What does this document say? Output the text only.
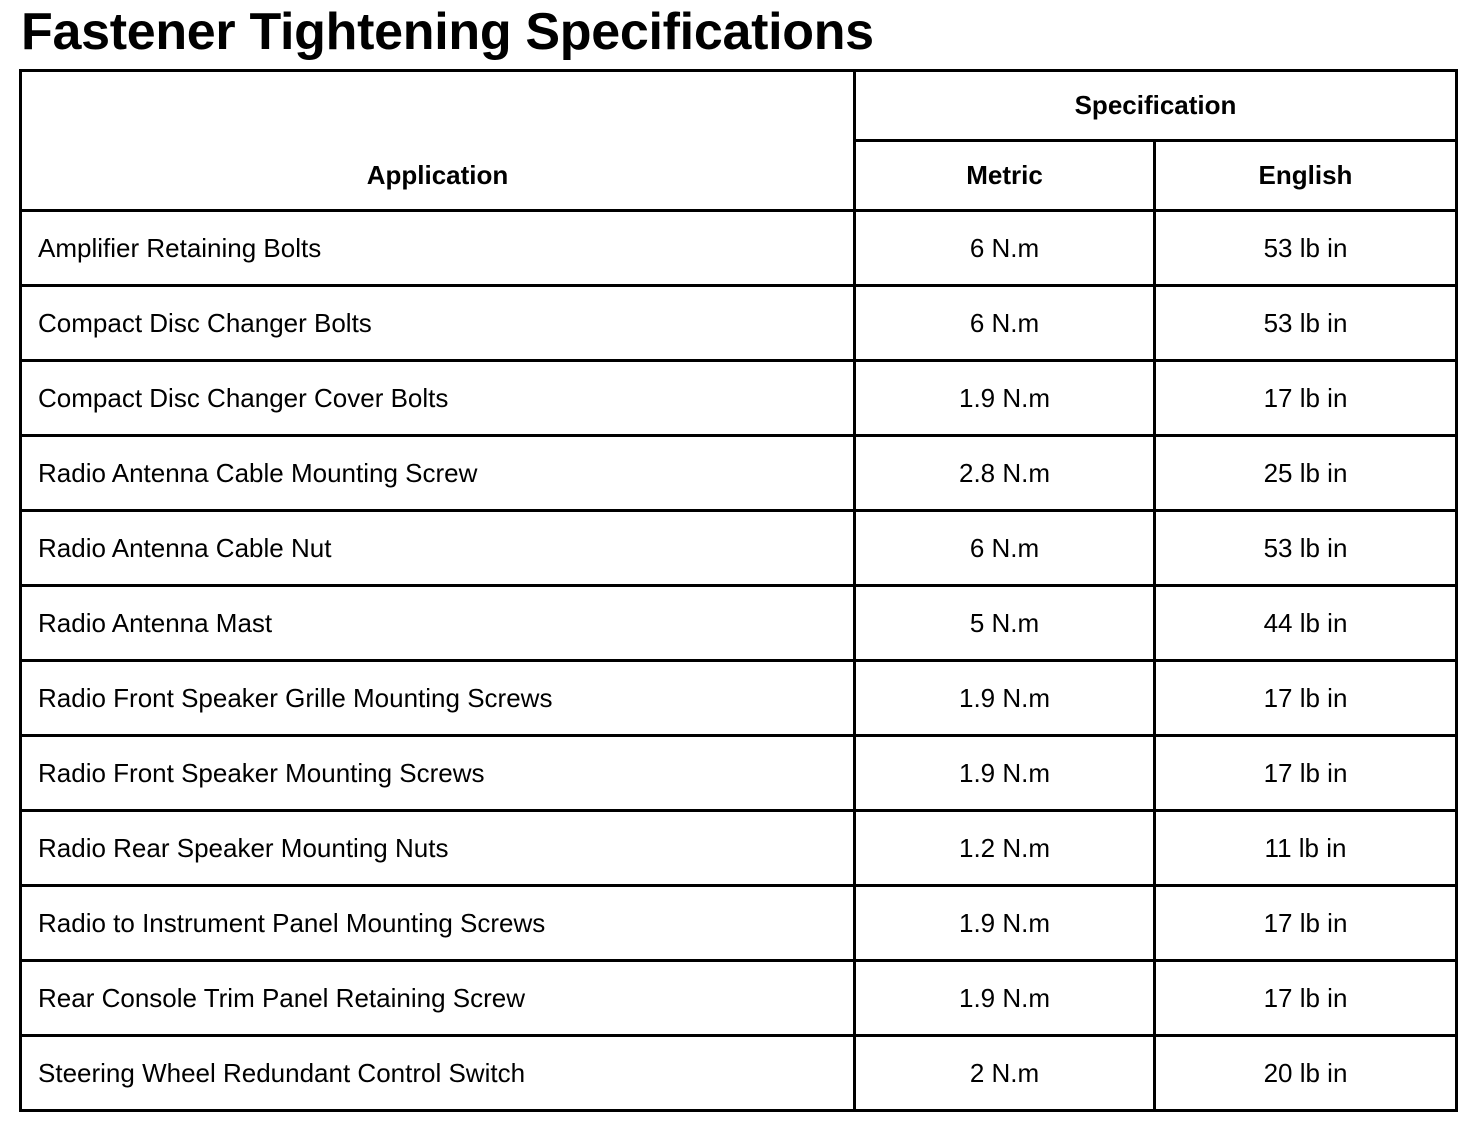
Fastener Tightening Specifications
Application	Specification	
	Metric	English
Amplifier Retaining Bolts	6 N.m	53 lb in
Compact Disc Changer Bolts	6 N.m	53 lb in
Compact Disc Changer Cover Bolts	1.9 N.m	17 lb in
Radio Antenna Cable Mounting Screw	2.8 N.m	25 lb in
Radio Antenna Cable Nut	6 N.m	53 lb in
Radio Antenna Mast	5 N.m	44 lb in
Radio Front Speaker Grille Mounting Screws	1.9 N.m	17 lb in
Radio Front Speaker Mounting Screws	1.9 N.m	17 lb in
Radio Rear Speaker Mounting Nuts	1.2 N.m	11 lb in
Radio to Instrument Panel Mounting Screws	1.9 N.m	17 lb in
Rear Console Trim Panel Retaining Screw	1.9 N.m	17 lb in
Steering Wheel Redundant Control Switch	2 N.m	20 lb in
